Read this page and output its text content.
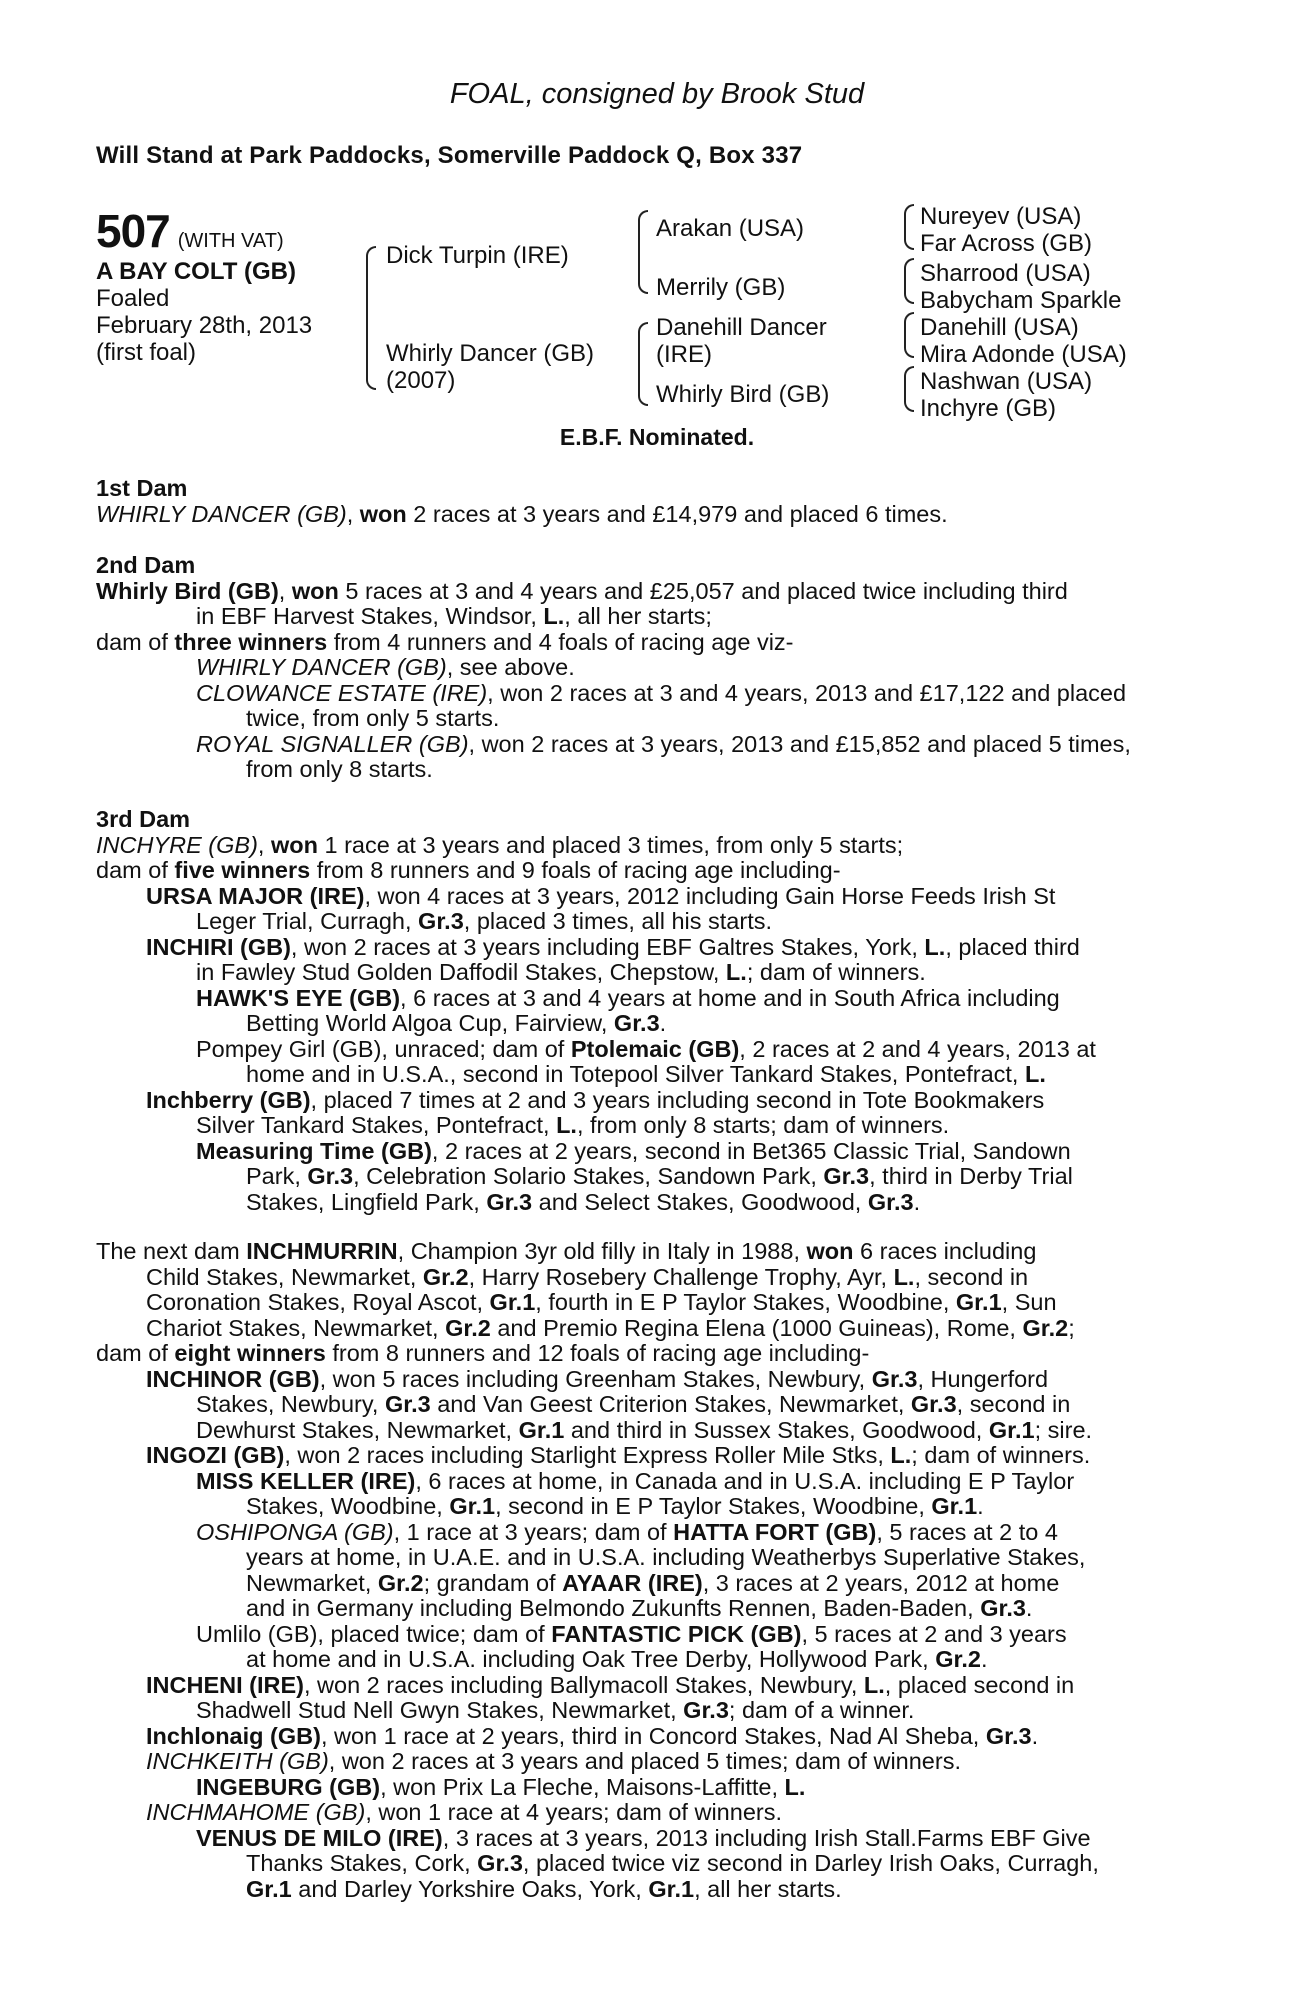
FOAL, consigned by Brook Stud
Will Stand at Park Paddocks, Somerville Paddock Q, Box 337
507 (WITH VAT)
A BAY COLT (GB)
Foaled
February 28th, 2013
(first foal)
Dick Turpin (IRE)
Whirly Dancer (GB)
(2007)
Arakan (USA)
Merrily (GB)
Danehill Dancer
(IRE)
Whirly Bird (GB)
Nureyev (USA)
Far Across (GB)
Sharrood (USA)
Babycham Sparkle
Danehill (USA)
Mira Adonde (USA)
Nashwan (USA)
Inchyre (GB)
E.B.F. Nominated.
1st Dam
WHIRLY DANCER (GB), won 2 races at 3 years and £14,979 and placed 6 times.
2nd Dam
Whirly Bird (GB), won 5 races at 3 and 4 years and £25,057 and placed twice including third
in EBF Harvest Stakes, Windsor, L., all her starts;
dam of three winners from 4 runners and 4 foals of racing age viz-
WHIRLY DANCER (GB), see above.
CLOWANCE ESTATE (IRE), won 2 races at 3 and 4 years, 2013 and £17,122 and placed
twice, from only 5 starts.
ROYAL SIGNALLER (GB), won 2 races at 3 years, 2013 and £15,852 and placed 5 times,
from only 8 starts.
3rd Dam
INCHYRE (GB), won 1 race at 3 years and placed 3 times, from only 5 starts;
dam of five winners from 8 runners and 9 foals of racing age including-
URSA MAJOR (IRE), won 4 races at 3 years, 2012 including Gain Horse Feeds Irish St
Leger Trial, Curragh, Gr.3, placed 3 times, all his starts.
INCHIRI (GB), won 2 races at 3 years including EBF Galtres Stakes, York, L., placed third
in Fawley Stud Golden Daffodil Stakes, Chepstow, L.; dam of winners.
HAWK'S EYE (GB), 6 races at 3 and 4 years at home and in South Africa including
Betting World Algoa Cup, Fairview, Gr.3.
Pompey Girl (GB), unraced; dam of Ptolemaic (GB), 2 races at 2 and 4 years, 2013 at
home and in U.S.A., second in Totepool Silver Tankard Stakes, Pontefract, L.
Inchberry (GB), placed 7 times at 2 and 3 years including second in Tote Bookmakers
Silver Tankard Stakes, Pontefract, L., from only 8 starts; dam of winners.
Measuring Time (GB), 2 races at 2 years, second in Bet365 Classic Trial, Sandown
Park, Gr.3, Celebration Solario Stakes, Sandown Park, Gr.3, third in Derby Trial
Stakes, Lingfield Park, Gr.3 and Select Stakes, Goodwood, Gr.3.
The next dam INCHMURRIN, Champion 3yr old filly in Italy in 1988, won 6 races including
Child Stakes, Newmarket, Gr.2, Harry Rosebery Challenge Trophy, Ayr, L., second in
Coronation Stakes, Royal Ascot, Gr.1, fourth in E P Taylor Stakes, Woodbine, Gr.1, Sun
Chariot Stakes, Newmarket, Gr.2 and Premio Regina Elena (1000 Guineas), Rome, Gr.2;
dam of eight winners from 8 runners and 12 foals of racing age including-
INCHINOR (GB), won 5 races including Greenham Stakes, Newbury, Gr.3, Hungerford
Stakes, Newbury, Gr.3 and Van Geest Criterion Stakes, Newmarket, Gr.3, second in
Dewhurst Stakes, Newmarket, Gr.1 and third in Sussex Stakes, Goodwood, Gr.1; sire.
INGOZI (GB), won 2 races including Starlight Express Roller Mile Stks, L.; dam of winners.
MISS KELLER (IRE), 6 races at home, in Canada and in U.S.A. including E P Taylor
Stakes, Woodbine, Gr.1, second in E P Taylor Stakes, Woodbine, Gr.1.
OSHIPONGA (GB), 1 race at 3 years; dam of HATTA FORT (GB), 5 races at 2 to 4
years at home, in U.A.E. and in U.S.A. including Weatherbys Superlative Stakes,
Newmarket, Gr.2; grandam of AYAAR (IRE), 3 races at 2 years, 2012 at home
and in Germany including Belmondo Zukunfts Rennen, Baden-Baden, Gr.3.
Umlilo (GB), placed twice; dam of FANTASTIC PICK (GB), 5 races at 2 and 3 years
at home and in U.S.A. including Oak Tree Derby, Hollywood Park, Gr.2.
INCHENI (IRE), won 2 races including Ballymacoll Stakes, Newbury, L., placed second in
Shadwell Stud Nell Gwyn Stakes, Newmarket, Gr.3; dam of a winner.
Inchlonaig (GB), won 1 race at 2 years, third in Concord Stakes, Nad Al Sheba, Gr.3.
INCHKEITH (GB), won 2 races at 3 years and placed 5 times; dam of winners.
INGEBURG (GB), won Prix La Fleche, Maisons-Laffitte, L.
INCHMAHOME (GB), won 1 race at 4 years; dam of winners.
VENUS DE MILO (IRE), 3 races at 3 years, 2013 including Irish Stall.Farms EBF Give
Thanks Stakes, Cork, Gr.3, placed twice viz second in Darley Irish Oaks, Curragh,
Gr.1 and Darley Yorkshire Oaks, York, Gr.1, all her starts.
